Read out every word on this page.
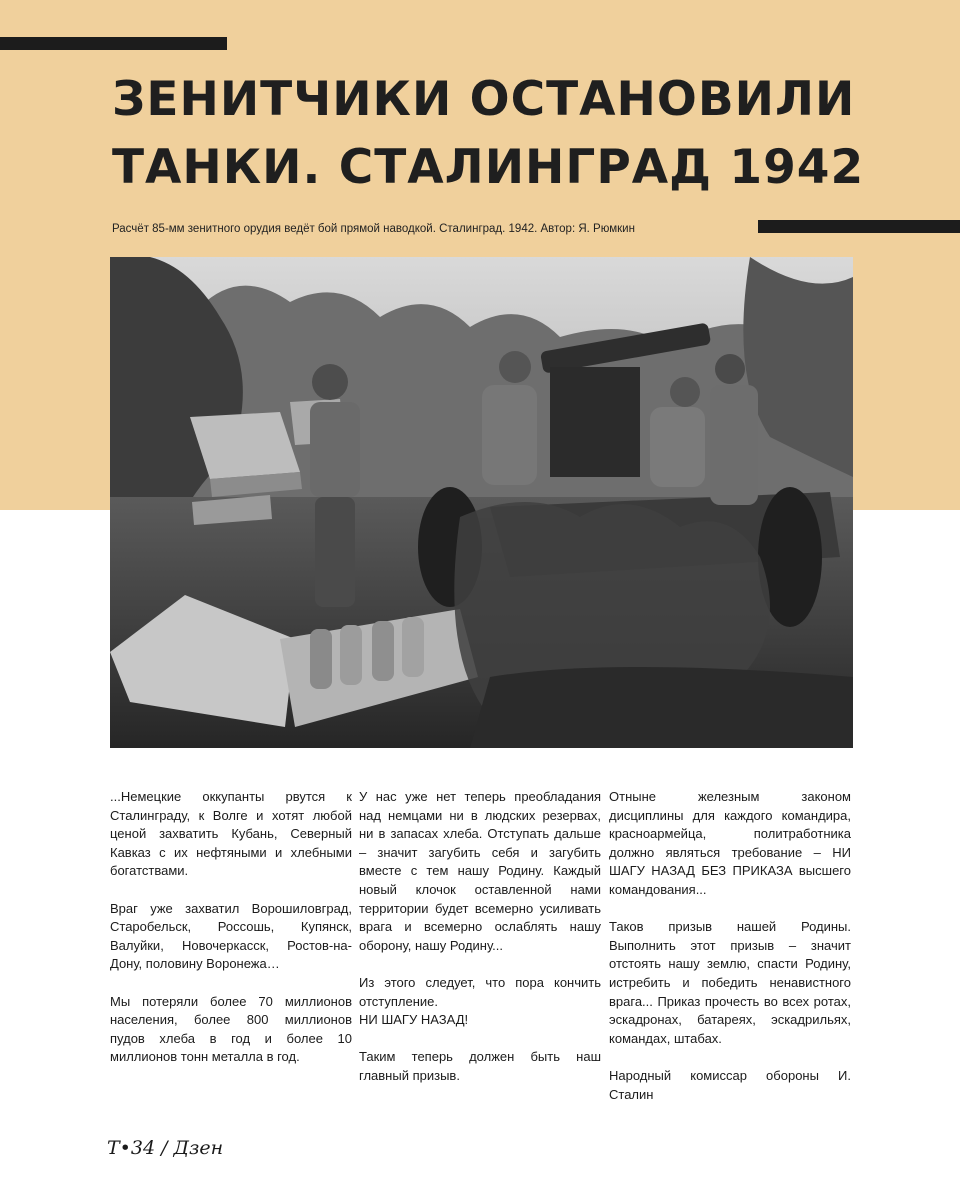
ЗЕНИТЧИКИ ОСТАНОВИЛИ
ТАНКИ. СТАЛИНГРАД 1942
Расчёт 85-мм зенитного орудия ведёт бой прямой наводкой. Сталинград. 1942. Автор: Я. Рюмкин

...Немецкие оккупанты рвутся к Сталинграду, к Волге и хотят любой ценой захватить Кубань, Северный Кавказ с их нефтяными и хлебными богатствами.

Враг уже захватил Ворошиловград, Старобельск, Россошь, Купянск, Валуйки, Новочеркасск, Ростов-на-Дону, половину Воронежа…

Мы потеряли более 70 миллионов населения, более 800 миллионов пудов хлеба в год и более 10 миллионов тонн металла в год.

У нас уже нет теперь преобладания над немцами ни в людских резервах, ни в запасах хлеба. Отступать дальше – значит загубить себя и загубить вместе с тем нашу Родину. Каждый новый клочок оставленной нами территории будет всемерно усиливать врага и всемерно ослаблять нашу оборону, нашу Родину...

Из этого следует, что пора кончить отступление.
НИ ШАГУ НАЗАД!

Таким теперь должен быть наш главный призыв.

Отныне железным законом дисциплины для каждого командира, красноармейца, политработника должно являться требование – НИ ШАГУ НАЗАД БЕЗ ПРИКАЗА высшего командования...

Таков призыв нашей Родины. Выполнить этот призыв – значит отстоять нашу землю, спасти Родину, истребить и победить ненавистного врага... Приказ прочесть во всех ротах, эскадронах, батареях, эскадрильях, командах, штабах.

Народный комиссар обороны И. Сталин

Т•34 / Дзен
